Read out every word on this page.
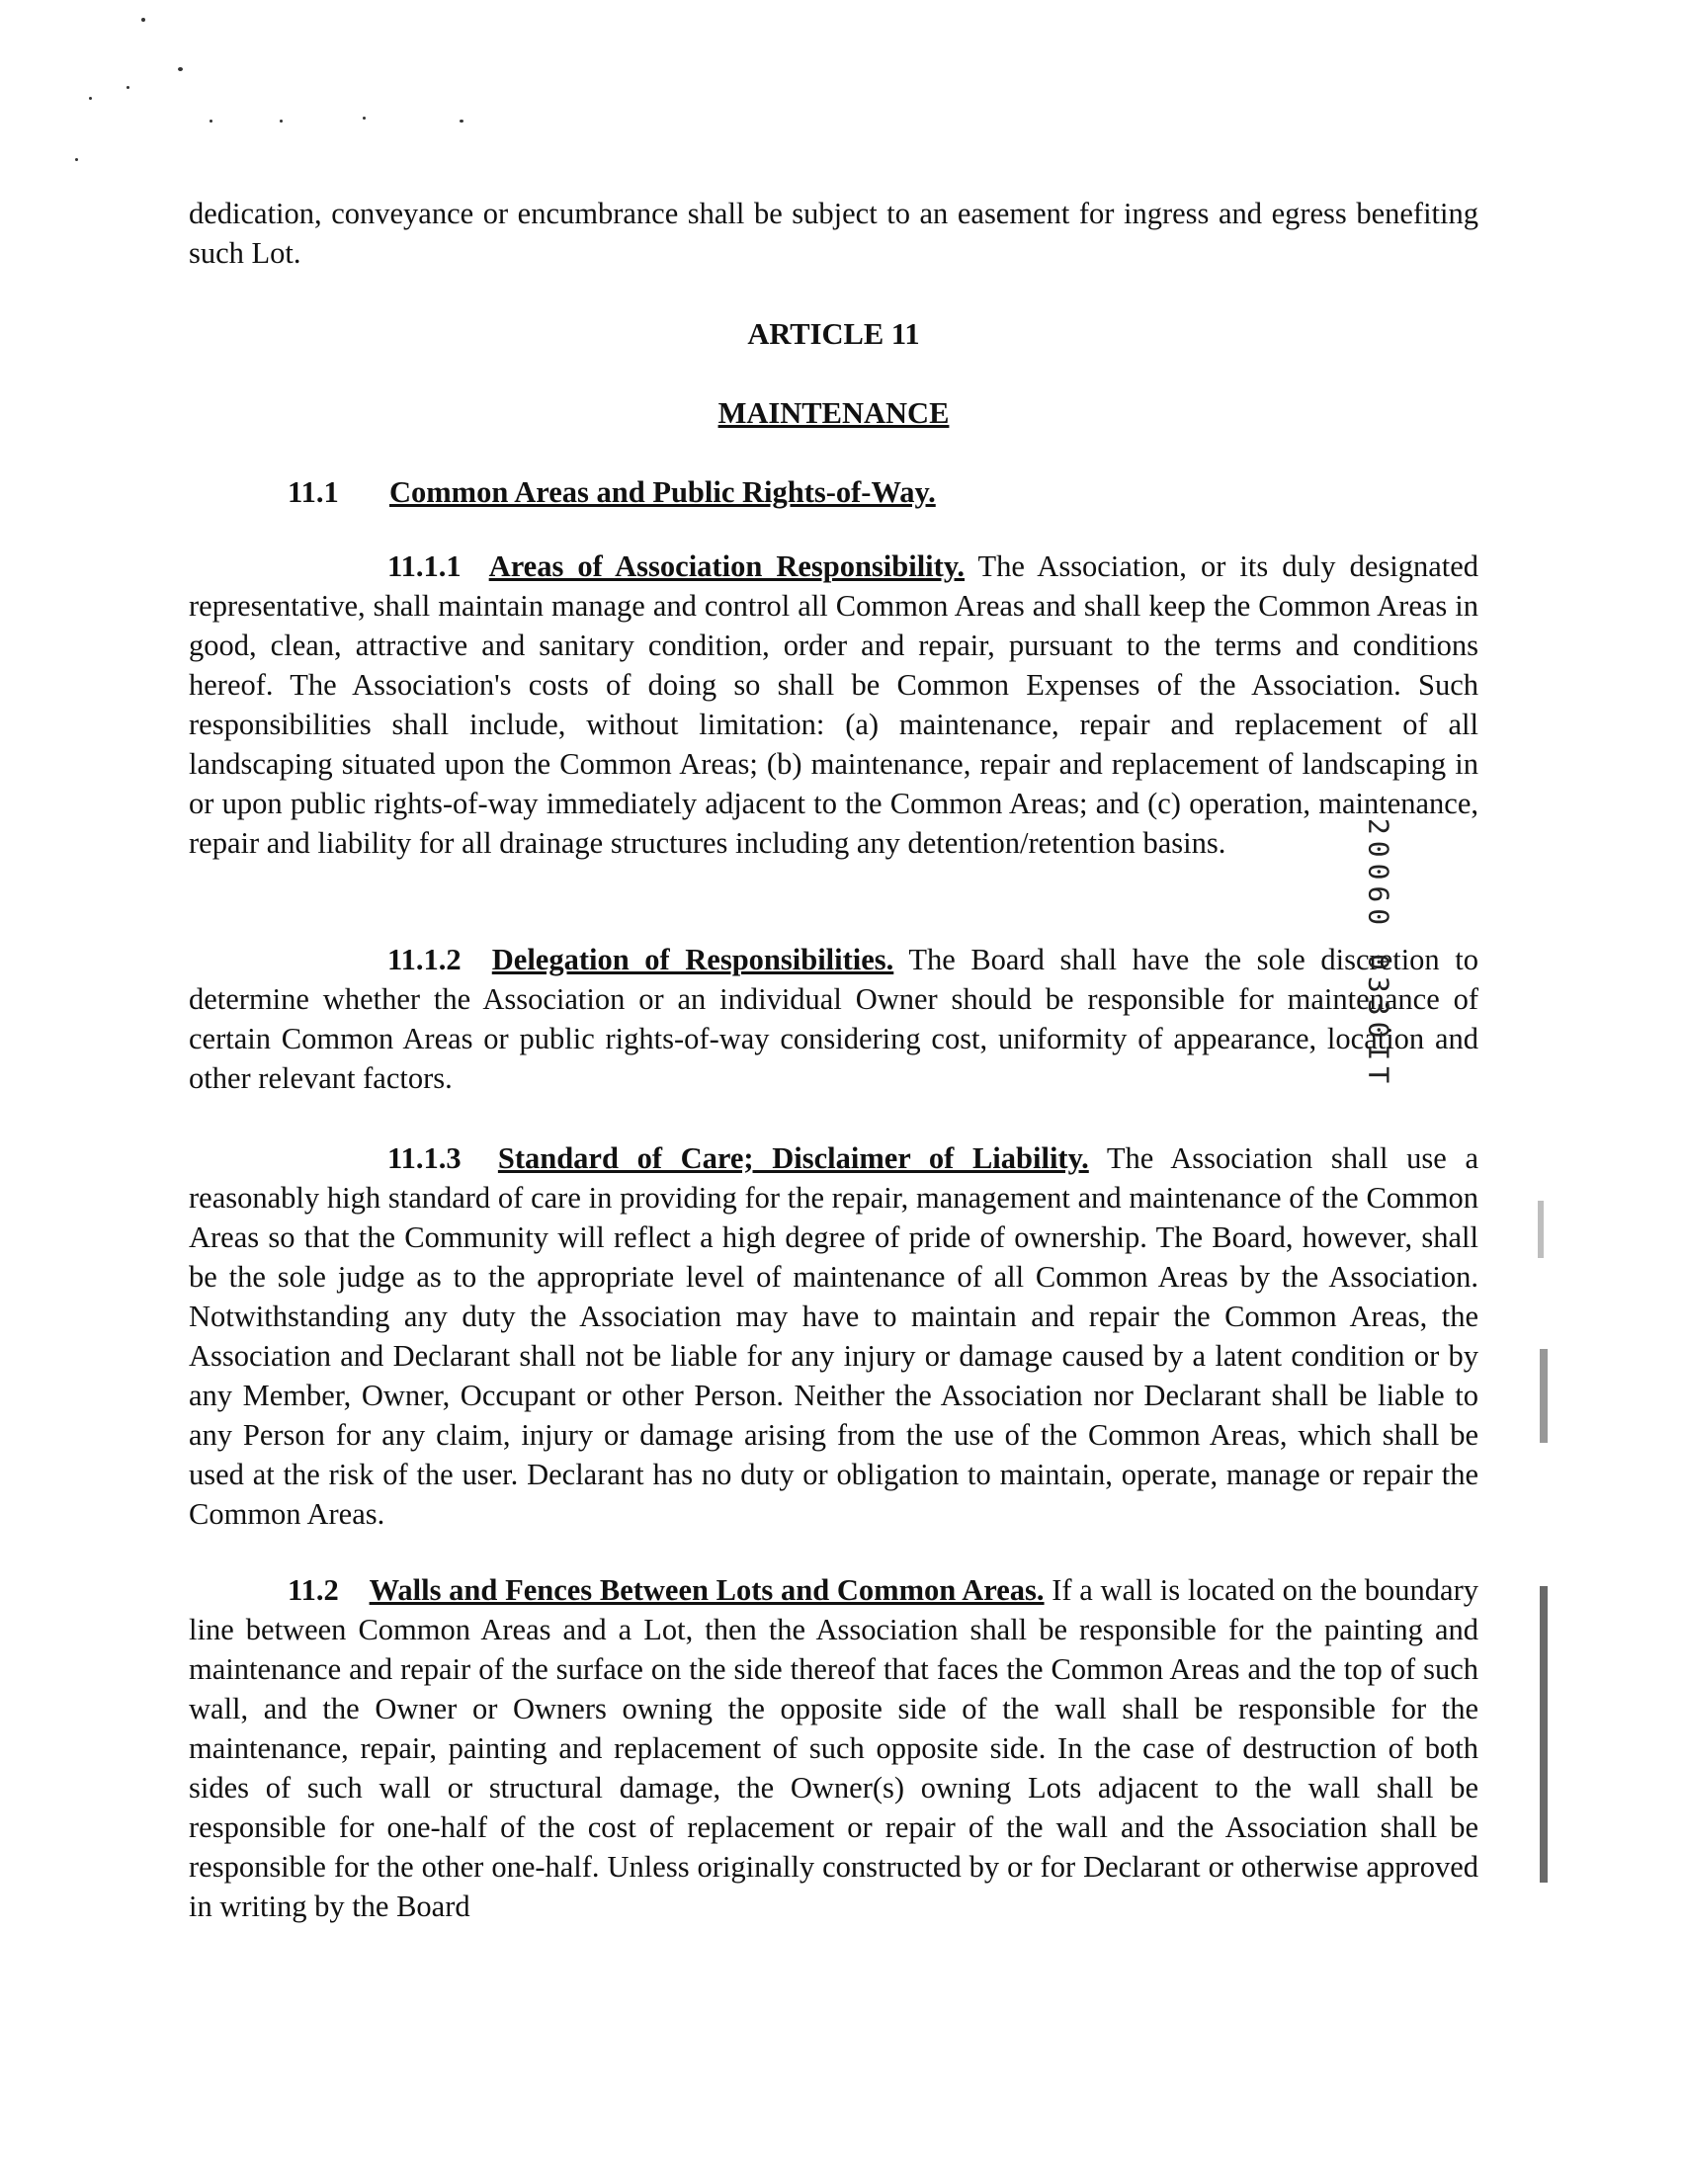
dedication, conveyance or encumbrance shall be subject to an easement for ingress and egress benefiting such Lot.

ARTICLE 11
MAINTENANCE
11.1 Common Areas and Public Rights-of-Way.

11.1.1 Areas of Association Responsibility. The Association, or its duly designated representative, shall maintain manage and control all Common Areas and shall keep the Common Areas in good, clean, attractive and sanitary condition, order and repair, pursuant to the terms and conditions hereof. The Association's costs of doing so shall be Common Expenses of the Association. Such responsibilities shall include, without limitation: (a) maintenance, repair and replacement of all landscaping situated upon the Common Areas; (b) maintenance, repair and replacement of landscaping in or upon public rights-of-way immediately adjacent to the Common Areas; and (c) operation, maintenance, repair and liability for all drainage structures including any detention/retention basins.

11.1.2 Delegation of Responsibilities. The Board shall have the sole discretion to determine whether the Association or an individual Owner should be responsible for maintenance of certain Common Areas or public rights-of-way considering cost, uniformity of appearance, location and other relevant factors.

11.1.3 Standard of Care; Disclaimer of Liability. The Association shall use a reasonably high standard of care in providing for the repair, management and maintenance of the Common Areas so that the Community will reflect a high degree of pride of ownership. The Board, however, shall be the sole judge as to the appropriate level of maintenance of all Common Areas by the Association. Notwithstanding any duty the Association may have to maintain and repair the Common Areas, the Association and Declarant shall not be liable for any injury or damage caused by a latent condition or by any Member, Owner, Occupant or other Person. Neither the Association nor Declarant shall be liable to any Person for any claim, injury or damage arising from the use of the Common Areas, which shall be used at the risk of the user. Declarant has no duty or obligation to maintain, operate, manage or repair the Common Areas.

11.2 Walls and Fences Between Lots and Common Areas. If a wall is located on the boundary line between Common Areas and a Lot, then the Association shall be responsible for the painting and maintenance and repair of the surface on the side thereof that faces the Common Areas and the top of such wall, and the Owner or Owners owning the opposite side of the wall shall be responsible for the maintenance, repair, painting and replacement of such opposite side. In the case of destruction of both sides of such wall or structural damage, the Owner(s) owning Lots adjacent to the wall shall be responsible for one-half of the cost of replacement or repair of the wall and the Association shall be responsible for the other one-half. Unless originally constructed by or for Declarant or otherwise approved in writing by the Board

20060 0330IT
